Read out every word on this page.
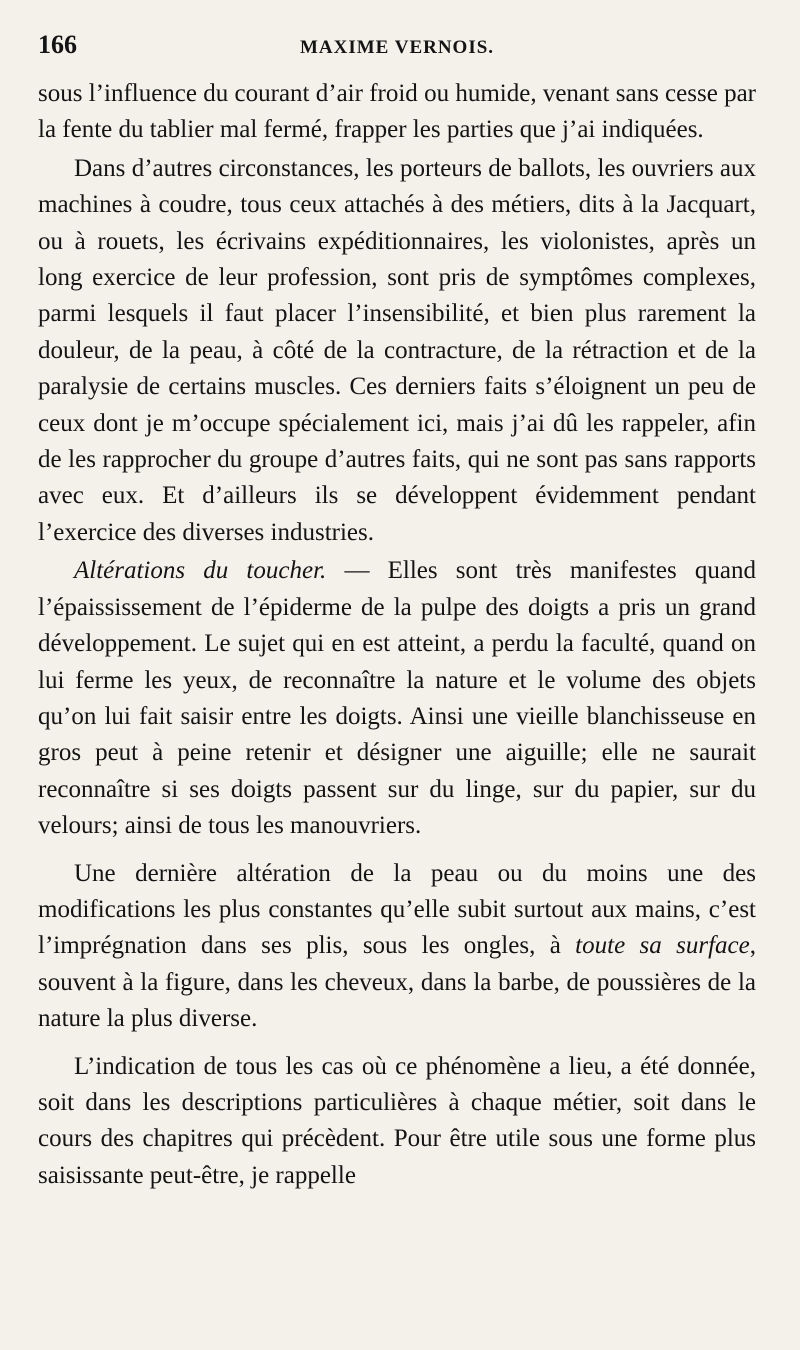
166	MAXIME VERNOIS.

sous l’influence du courant d’air froid ou humide, venant sans cesse par la fente du tablier mal fermé, frapper les parties que j’ai indiquées.

Dans d’autres circonstances, les porteurs de ballots, les ouvriers aux machines à coudre, tous ceux attachés à des métiers, dits à la Jacquart, ou à rouets, les écrivains expéditionnaires, les violonistes, après un long exercice de leur profession, sont pris de symptômes complexes, parmi lesquels il faut placer l’insensibilité, et bien plus rarement la douleur, de la peau, à côté de la contracture, de la rétraction et de la paralysie de certains muscles. Ces derniers faits s’éloignent un peu de ceux dont je m’occupe spécialement ici, mais j’ai dû les rappeler, afin de les rapprocher du groupe d’autres faits, qui ne sont pas sans rapports avec eux. Et d’ailleurs ils se développent évidemment pendant l’exercice des diverses industries.

Altérations du toucher. — Elles sont très manifestes quand l’épaississement de l’épiderme de la pulpe des doigts a pris un grand développement. Le sujet qui en est atteint, a perdu la faculté, quand on lui ferme les yeux, de reconnaître la nature et le volume des objets qu’on lui fait saisir entre les doigts. Ainsi une vieille blanchisseuse en gros peut à peine retenir et désigner une aiguille; elle ne saurait reconnaître si ses doigts passent sur du linge, sur du papier, sur du velours; ainsi de tous les manouvriers.

Une dernière altération de la peau ou du moins une des modifications les plus constantes qu’elle subit surtout aux mains, c’est l’imprégnation dans ses plis, sous les ongles, à toute sa surface, souvent à la figure, dans les cheveux, dans la barbe, de poussières de la nature la plus diverse.

L’indication de tous les cas où ce phénomène a lieu, a été donnée, soit dans les descriptions particulières à chaque métier, soit dans le cours des chapitres qui précèdent. Pour être utile sous une forme plus saisissante peut-être, je rappelle
